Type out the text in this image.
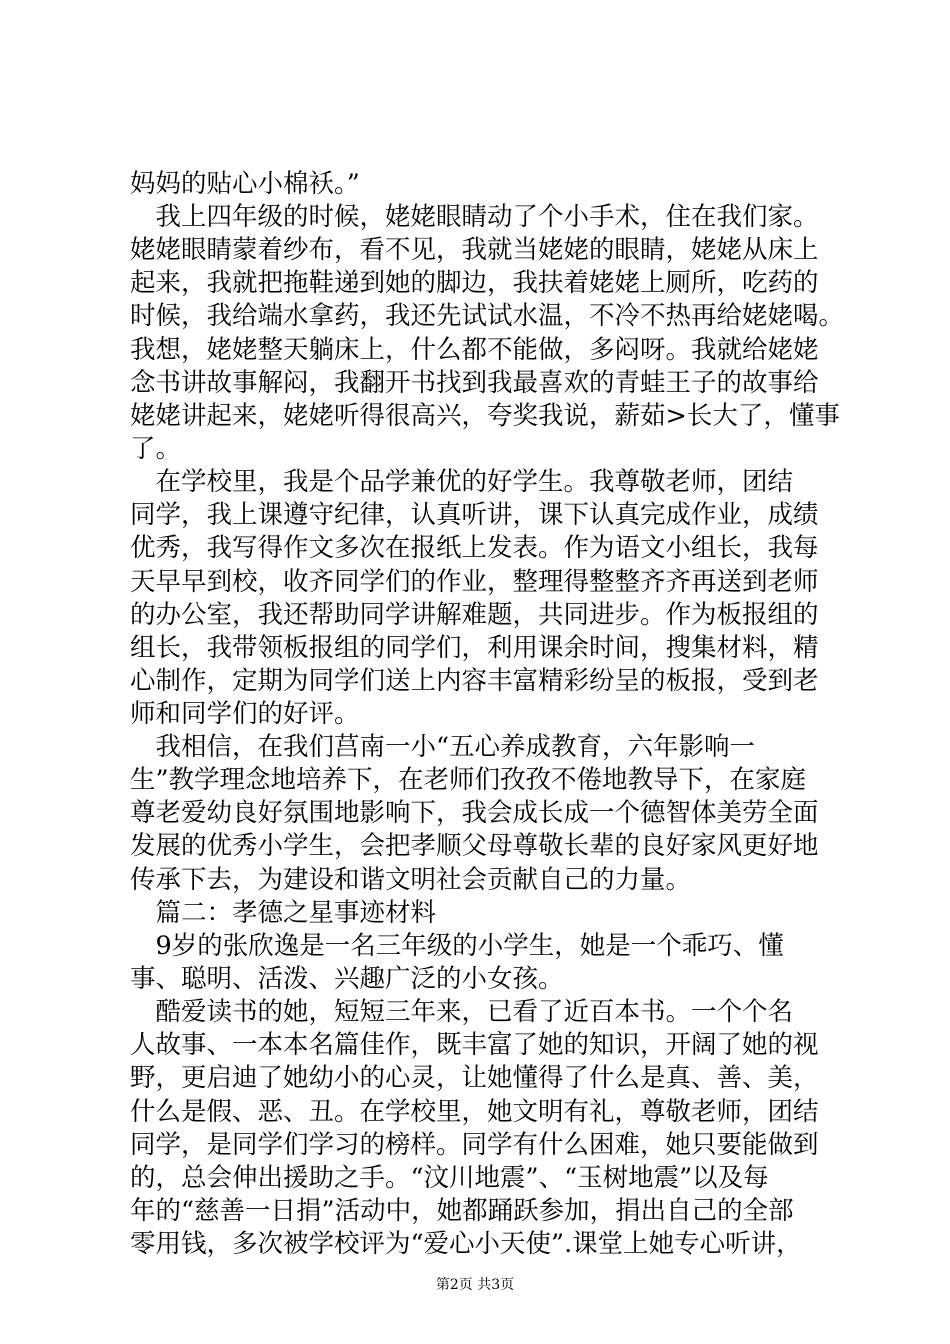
妈妈的贴心小棉袄。”

　我上四年级的时候，姥姥眼睛动了个小手术，住在我们家。

姥姥眼睛蒙着纱布，看不见，我就当姥姥的眼睛，姥姥从床上

起来，我就把拖鞋递到她的脚边，我扶着姥姥上厕所，吃药的

时候，我给端水拿药，我还先试试水温，不冷不热再给姥姥喝。

我想，姥姥整天躺床上，什么都不能做，多闷呀。我就给姥姥

念书讲故事解闷，我翻开书找到我最喜欢的青蛙王子的故事给

姥姥讲起来，姥姥听得很高兴，夸奖我说，薪茹>长大了，懂事

了。

　在学校里，我是个品学兼优的好学生。我尊敬老师，团结

同学，我上课遵守纪律，认真听讲，课下认真完成作业，成绩

优秀，我写得作文多次在报纸上发表。作为语文小组长，我每

天早早到校，收齐同学们的作业，整理得整整齐齐再送到老师

的办公室，我还帮助同学讲解难题，共同进步。作为板报组的

组长，我带领板报组的同学们，利用课余时间，搜集材料，精

心制作，定期为同学们送上内容丰富精彩纷呈的板报，受到老

师和同学们的好评。

　我相信，在我们莒南一小“五心养成教育，六年影响一

生”教学理念地培养下，在老师们孜孜不倦地教导下，在家庭

尊老爱幼良好氛围地影响下，我会成长成一个德智体美劳全面

发展的优秀小学生，会把孝顺父母尊敬长辈的良好家风更好地

传承下去，为建设和谐文明社会贡献自己的力量。

　篇二：孝德之星事迹材料

　9岁的张欣逸是一名三年级的小学生，她是一个乖巧、懂

事、聪明、活泼、兴趣广泛的小女孩。

　酷爱读书的她，短短三年来，已看了近百本书。一个个名

人故事、一本本名篇佳作，既丰富了她的知识，开阔了她的视

野，更启迪了她幼小的心灵，让她懂得了什么是真、善、美，

什么是假、恶、丑。在学校里，她文明有礼，尊敬老师，团结

同学，是同学们学习的榜样。同学有什么困难，她只要能做到

的，总会伸出援助之手。“汶川地震”、“玉树地震”以及每

年的“慈善一日捐”活动中，她都踊跃参加，捐出自己的全部

零用钱，多次被学校评为“爱心小天使”.课堂上她专心听讲，

第2页 共3页
